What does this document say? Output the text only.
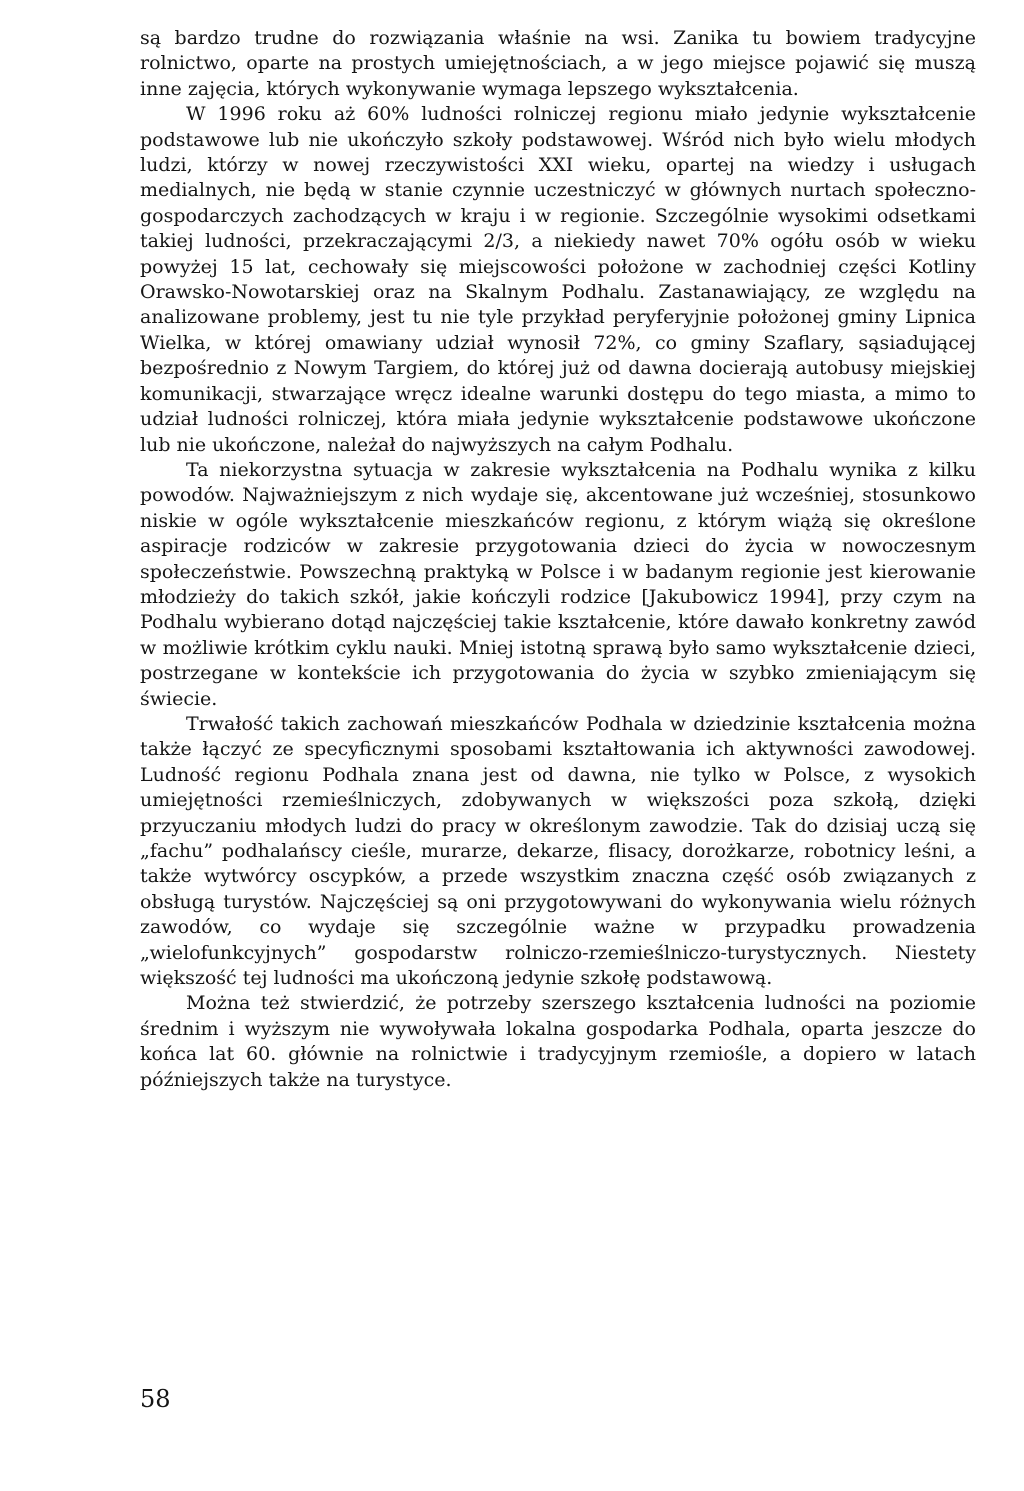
są bardzo trudne do rozwiązania właśnie na wsi. Zanika tu bowiem tradycyjne rolnictwo, oparte na prostych umiejętnościach, a w jego miejsce pojawić się muszą inne zajęcia, których wykonywanie wymaga lepszego wykształcenia.

W 1996 roku aż 60% ludności rolniczej regionu miało jedynie wykształcenie podstawowe lub nie ukończyło szkoły podstawowej. Wśród nich było wielu młodych ludzi, którzy w nowej rzeczywistości XXI wieku, opartej na wiedzy i usługach medialnych, nie będą w stanie czynnie uczestniczyć w głównych nurtach społeczno-gospodarczych zachodzących w kraju i w regionie. Szczególnie wysokimi odsetkami takiej ludności, przekraczającymi 2/3, a niekiedy nawet 70% ogółu osób w wieku powyżej 15 lat, cechowały się miejscowości położone w zachodniej części Kotliny Orawsko-Nowotarskiej oraz na Skalnym Podhalu. Zastanawiający, ze względu na analizowane problemy, jest tu nie tyle przykład peryferyjnie położonej gminy Lipnica Wielka, w której omawiany udział wynosił 72%, co gminy Szaflary, sąsiadującej bezpośrednio z Nowym Targiem, do której już od dawna docierają autobusy miejskiej komunikacji, stwarzające wręcz idealne warunki dostępu do tego miasta, a mimo to udział ludności rolniczej, która miała jedynie wykształcenie podstawowe ukończone lub nie ukończone, należał do najwyższych na całym Podhalu.

Ta niekorzystna sytuacja w zakresie wykształcenia na Podhalu wynika z kilku powodów. Najważniejszym z nich wydaje się, akcentowane już wcześniej, stosunkowo niskie w ogóle wykształcenie mieszkańców regionu, z którym wiążą się określone aspiracje rodziców w zakresie przygotowania dzieci do życia w nowoczesnym społeczeństwie. Powszechną praktyką w Polsce i w badanym regionie jest kierowanie młodzieży do takich szkół, jakie kończyli rodzice [Jakubowicz 1994], przy czym na Podhalu wybierano dotąd najczęściej takie kształcenie, które dawało konkretny zawód w możliwie krótkim cyklu nauki. Mniej istotną sprawą było samo wykształcenie dzieci, postrzegane w kontekście ich przygotowania do życia w szybko zmieniającym się świecie.

Trwałość takich zachowań mieszkańców Podhala w dziedzinie kształcenia można także łączyć ze specyficznymi sposobami kształtowania ich aktywności zawodowej. Ludność regionu Podhala znana jest od dawna, nie tylko w Polsce, z wysokich umiejętności rzemieślniczych, zdobywanych w większości poza szkołą, dzięki przyuczaniu młodych ludzi do pracy w określonym zawodzie. Tak do dzisiaj uczą się „fachu” podhalańscy cieśle, murarze, dekarze, flisacy, dorożkarze, robotnicy leśni, a także wytwórcy oscypków, a przede wszystkim znaczna część osób związanych z obsługą turystów. Najczęściej są oni przygotowywani do wykonywania wielu różnych zawodów, co wydaje się szczególnie ważne w przypadku prowadzenia „wielofunkcyjnych” gospodarstw rolniczo-rzemieślniczo-turystycznych. Niestety większość tej ludności ma ukończoną jedynie szkołę podstawową.

Można też stwierdzić, że potrzeby szerszego kształcenia ludności na poziomie średnim i wyższym nie wywoływała lokalna gospodarka Podhala, oparta jeszcze do końca lat 60. głównie na rolnictwie i tradycyjnym rzemiośle, a dopiero w latach późniejszych także na turystyce.

58
